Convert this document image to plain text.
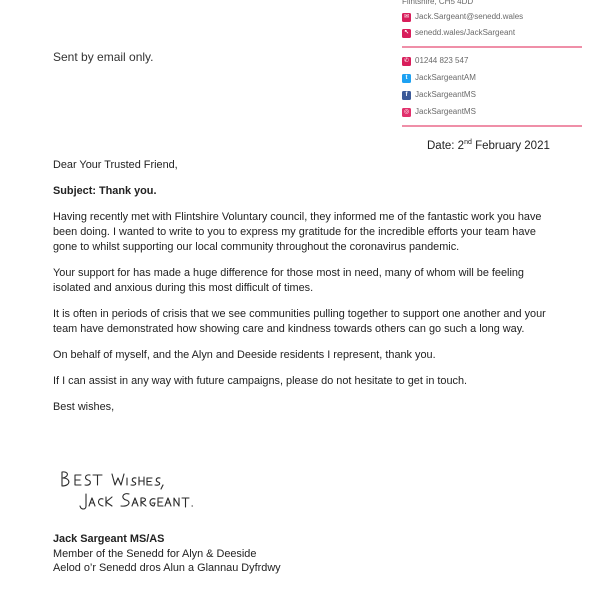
Flintshire, CH5 4DD
✉ Jack.Sargeant@senedd.wales
↖ senedd.wales/JackSargeant
✆ 01244 823 547
t JackSargeantAM
f JackSargeantMS
◎ JackSargeantMS
Sent by email only.
Date: 2nd February 2021

Dear Your Trusted Friend,

Subject: Thank you.

Having recently met with Flintshire Voluntary council, they informed me of the fantastic work you have been doing. I wanted to write to you to express my gratitude for the incredible efforts your team have gone to whilst supporting our local community throughout the coronavirus pandemic.

Your support for has made a huge difference for those most in need, many of whom will be feeling isolated and anxious during this most difficult of times.

It is often in periods of crisis that we see communities pulling together to support one another and your team have demonstrated how showing care and kindness towards others can go such a long way.

On behalf of myself, and the Alyn and Deeside residents I represent, thank you.

If I can assist in any way with future campaigns, please do not hesitate to get in touch.

Best wishes,

Jack Sargeant MS/AS
Member of the Senedd for Alyn & Deeside
Aelod o’r Senedd dros Alun a Glannau Dyfrdwy
